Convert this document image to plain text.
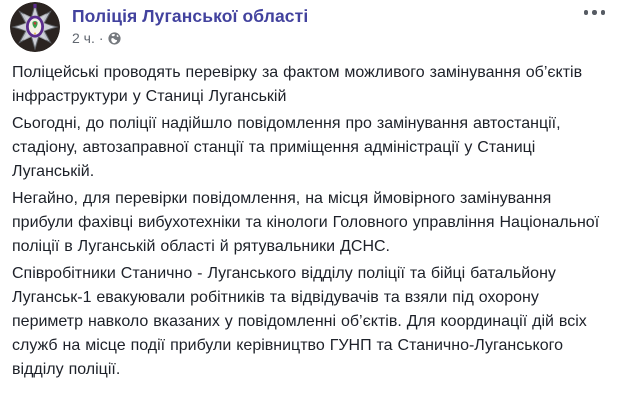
Поліція Луганської області
2 ч. ·

Поліцейські проводять перевірку за фактом можливого замінування об’єктів інфраструктури у Станиці Луганській

Сьогодні, до поліції надійшло повідомлення про замінування автостанції, стадіону, автозаправної станції та приміщення адміністрації у Станиці Луганській.

Негайно, для перевірки повідомлення, на місця ймовірного замінування прибули фахівці вибухотехніки та кінологи Головного управління Національної поліції в Луганській області й рятувальники ДСНС.

Співробітники Станично - Луганського відділу поліції та бійці батальйону Луганськ-1 евакуювали робітників та відвідувачів та взяли під охорону периметр навколо вказаних у повідомленні об’єктів. Для координації дій всіх служб на місце події прибули керівництво ГУНП та Станично-Луганського відділу поліції.
